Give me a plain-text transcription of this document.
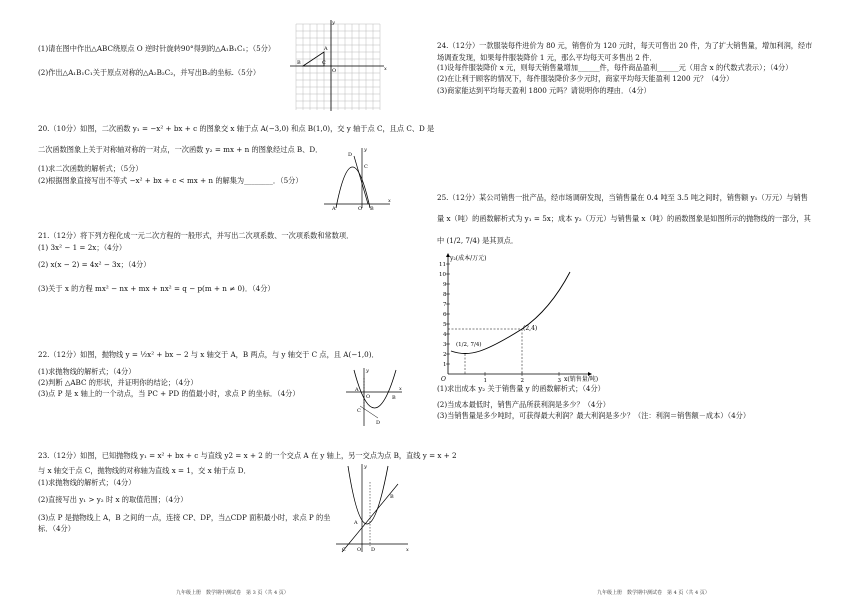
(1)请在图中作出△ABC绕原点 O 逆时针旋转90°得到的△A₁B₁C₁；（5分）
(2)作出△A₁B₁C₁关于原点对称的△A₂B₂C₂，并写出B₂的坐标.（5分）
y
x
A
B	C
O
20.（10分）如图，二次函数 y₁ = −x² + bx + c 的图象交 x 轴于点 A(−3,0) 和点 B(1,0)，交 y 轴于点 C，且点 C、D 是
二次函数图象上关于对称轴对称的一对点，一次函数 y₂ = mx + n 的图象经过点 B、D．
(1)求二次函数的解析式；（5分）
(2)根据图象直接写出不等式 −x² + bx + c < mx + n 的解集为________．（5分）
y
x
A	B
C
D
O
21.（12分）将下列方程化成一元二次方程的一般形式，并写出二次项系数、一次项系数和常数项．
(1) 3x² − 1 = 2x；（4分）
(2) x(x − 2) = 4x² − 3x；（4分）
(3)关于 x 的方程 mx² − nx + mx + nx² = q − p(m + n ≠ 0)．（4分）
22.（12分）如图，抛物线 y = ½x² + bx − 2 与 x 轴交于 A，B 两点，与 y 轴交于 C 点，且 A(−1,0)．
(1)求抛物线的解析式；（4分）
(2)判断 △ABC 的形状，并证明你的结论；（4分）
(3)点 P 是 x 轴上的一个动点，当 PC + PD 的值最小时，求点 P 的坐标．（4分）
y
x
A
B
C
D
O
23.（12分）如图，已知抛物线 y₁ = x² + bx + c 与直线 y2 = x + 2 的一个交点 A 在 y 轴上，另一交点为点 B，直线 y = x + 2
与 x 轴交于点 C，抛物线的对称轴为直线 x = 1，交 x 轴于点 D．
(1)求抛物线的解析式；（4分）
(2)直接写出 y₁ > y₂ 时 x 的取值范围；（4分）
(3)点 P 是抛物线上 A，B 之间的一点，连接 CP、DP，当△CDP 面积最小时，求点 P 的坐
标．（4分）
y
x
A
B
C	D
O
九年级上册　数学期中测试卷　第 3 页（共 4 页）
24.（12分）一款服装每件进价为 80 元，销售价为 120 元时，每天可售出 20 件，为了扩大销售量，增加利润，经市
场调查发现，如果每件服装降价 1 元，那么平均每天可多售出 2 件．
(1)设每件服装降价 x 元，则每天销售量增加______件，每件商品盈利______元（用含 x 的代数式表示）；（4分）
(2)在让利于顾客的情况下，每件服装降价多少元时，商家平均每天能盈利 1200 元？（4分）
(3)商家能达到平均每天盈利 1800 元吗？请说明你的理由．（4分）
25.（12分）某公司销售一批产品，经市场调研发现，当销售量在 0.4 吨至 3.5 吨之间时，销售额 y₁（万元）与销售
量 x（吨）的函数解析式为 y₁ = 5x；成本 y₂（万元）与销售量 x（吨）的函数图象是如图所示的抛物线的一部分，其
中 (1/2, 7/4) 是其顶点．
11
10
9
8
7
6
5
4
3
2
1
1	2	3
y₂(成本/万元)
x(销售量/吨)
O
(2,4)
(1/2, 7/4)
(1)求出成本 y₂ 关于销售量 y 的函数解析式；（4分）
(2)当成本最低时，销售产品所获利润是多少？（4分）
(3)当销售量是多少吨时，可获得最大利润？最大利润是多少？（注：利润＝销售额－成本）（4分）
九年级上册　数学期中测试卷　第 4 页（共 4 页）
